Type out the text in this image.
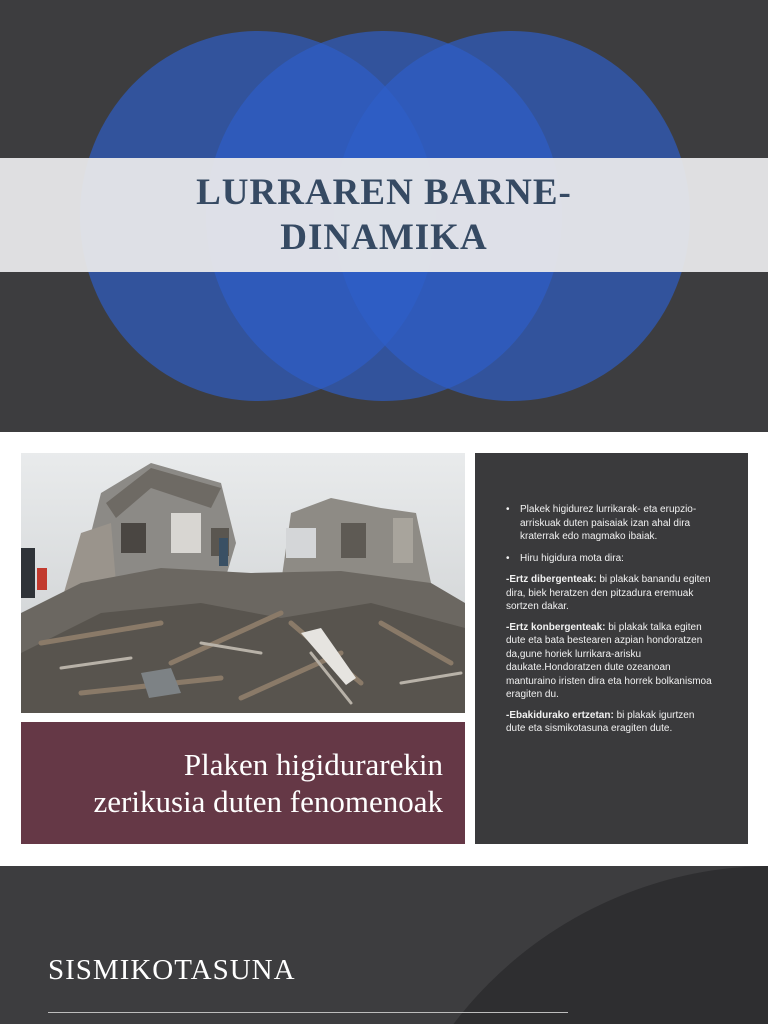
LURRAREN BARNE-
DINAMIKA
Plaken higidurarekin
zerikusia duten fenomenoak
•	Plakek higidurez lurrikarak- eta erupzio-
arriskuak duten paisaiak izan ahal dira kraterrak edo magmako ibaiak.
•	Hiru higidura mota dira:

-Ertz dibergenteak: bi plakak banandu egiten dira, biek heratzen den pitzadura eremuak sortzen dakar.

-Ertz konbergenteak: bi plakak talka egiten dute eta bata bestearen azpian hondoratzen da,gune horiek lurrikara-arisku daukate.Hondoratzen dute ozeanoan manturaino iristen dira eta horrek bolkanismoa eragiten du.

-Ebakidurako ertzetan: bi plakak igurtzen dute eta sismikotasuna eragiten dute.

SISMIKOTASUNA
